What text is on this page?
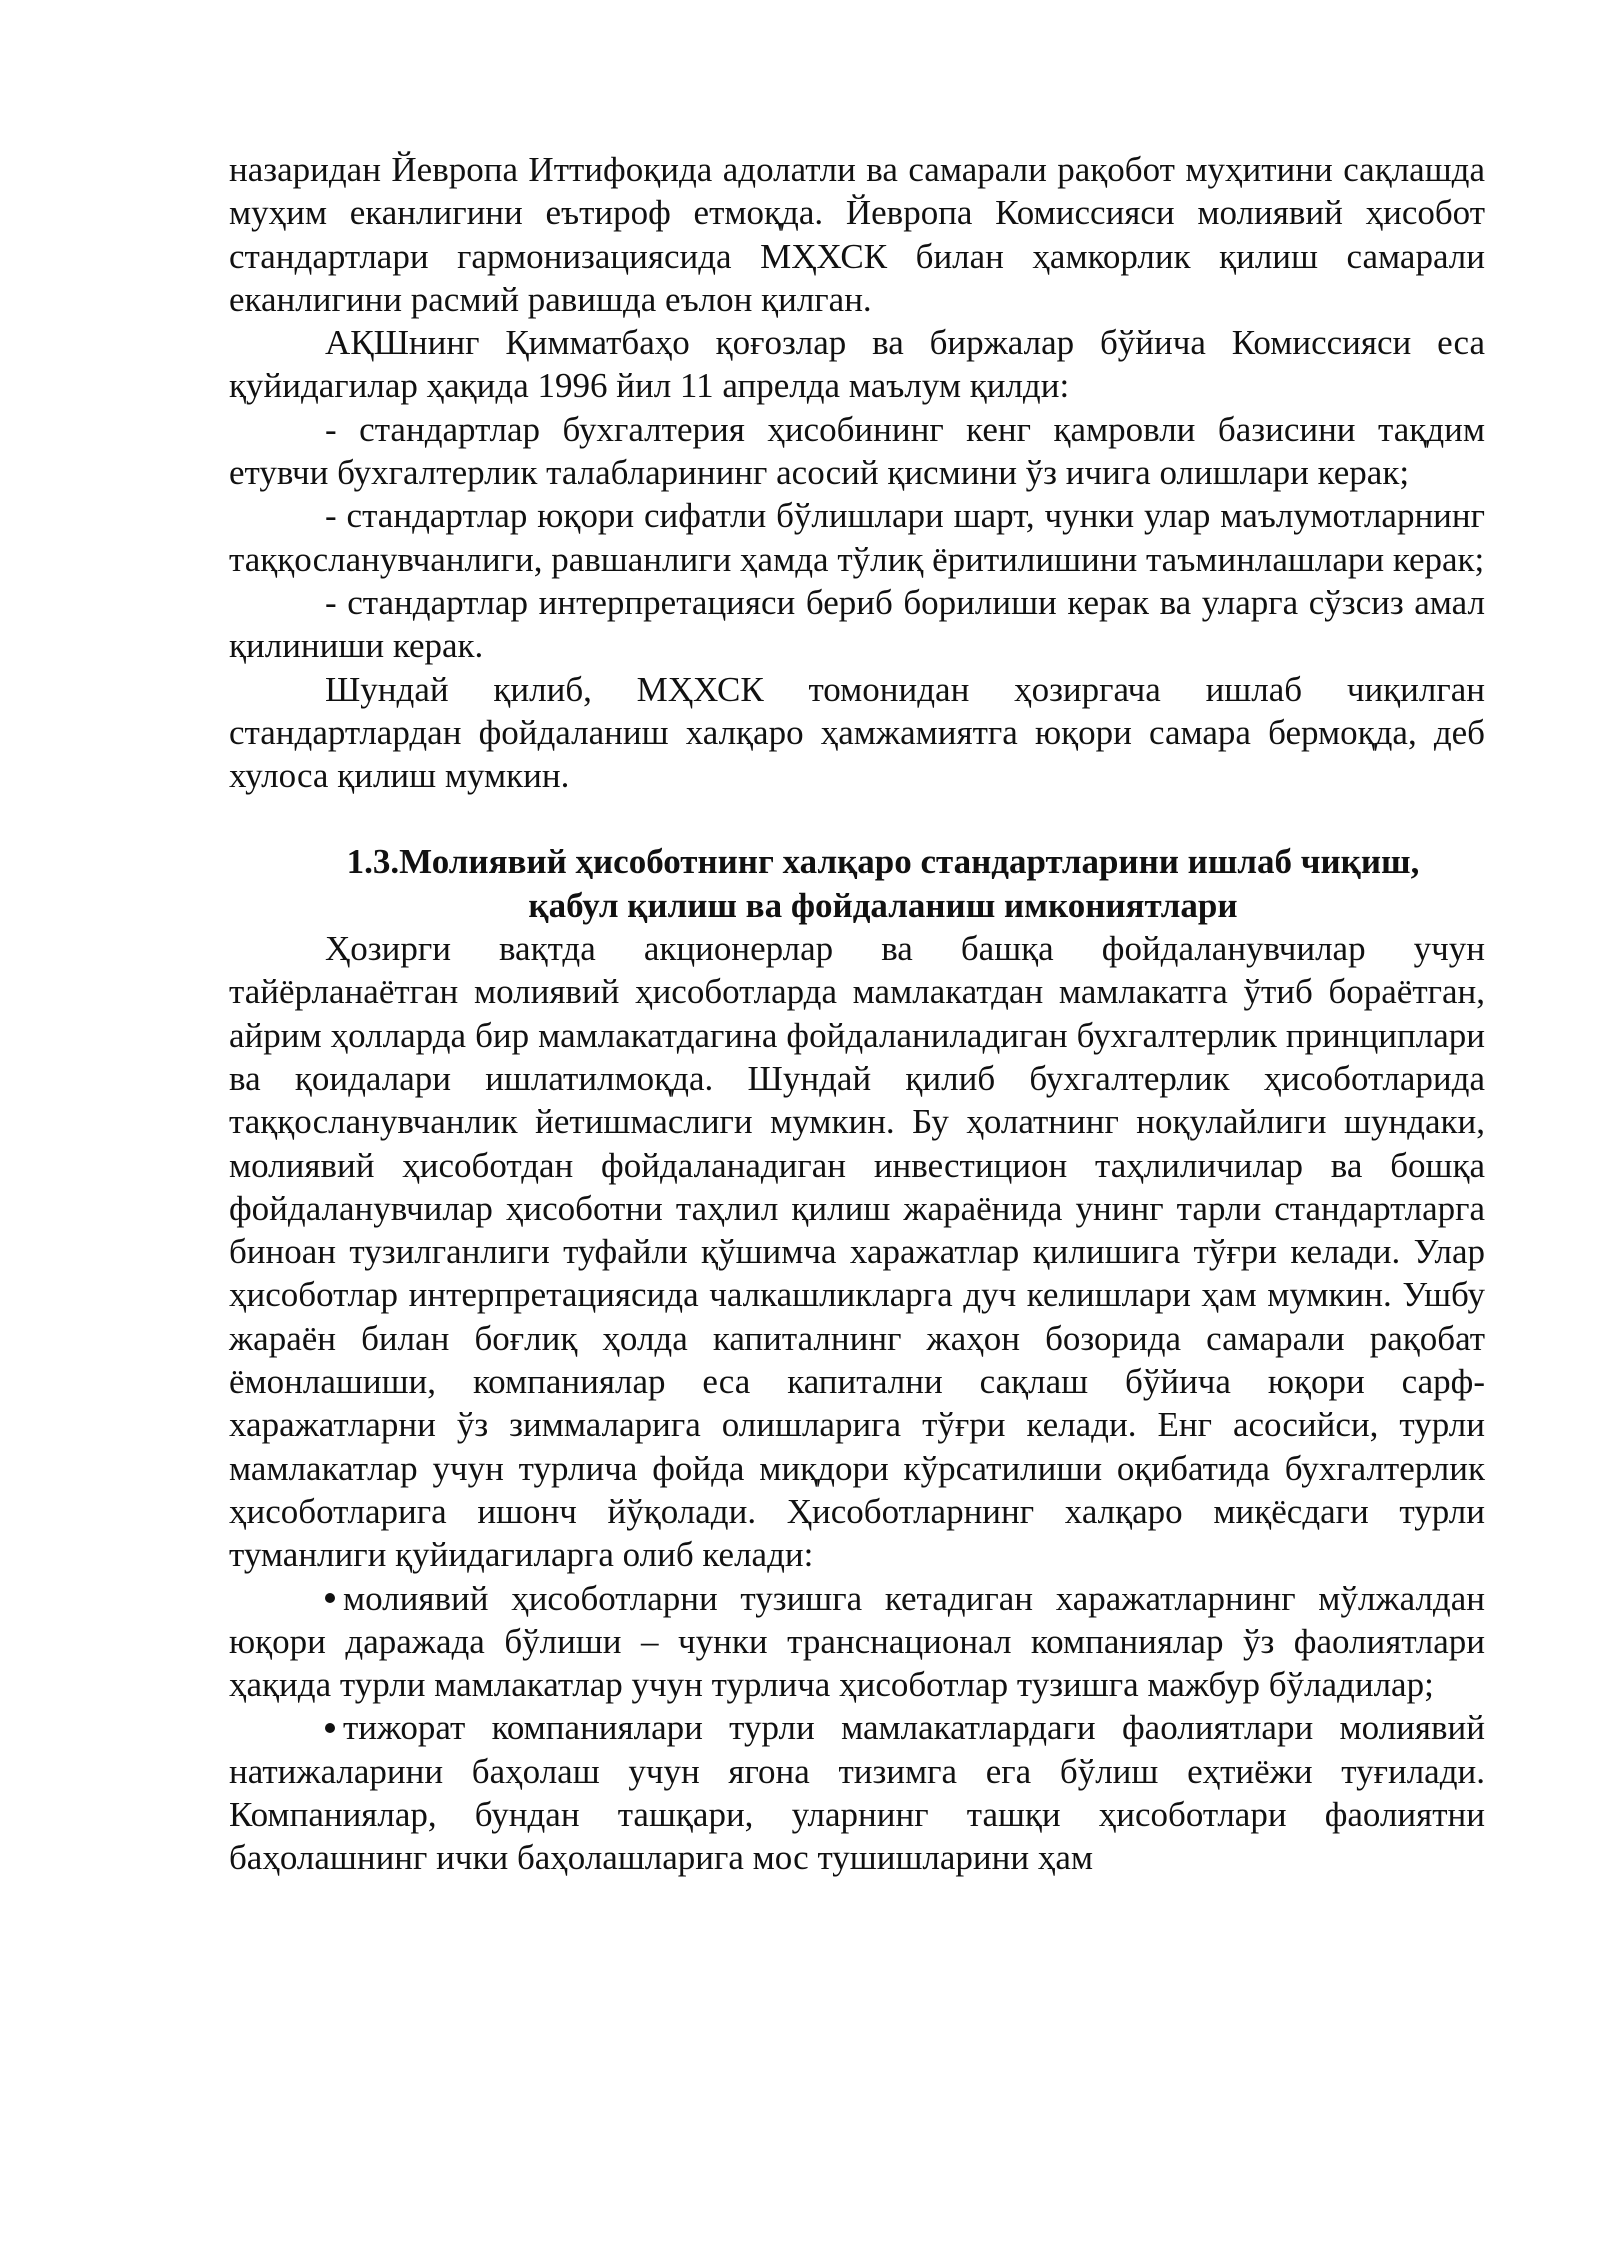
назаридан Йевропа Иттифоқида адолатли ва самарали рақобот муҳитини сақлашда муҳим еканлигини еътироф етмоқда. Йевропа Комиссияси молиявий ҳисобот стандартлари гармонизациясида МҲХСК билан ҳамкорлик қилиш самарали еканлигини расмий равишда еълон қилган.

АҚШнинг Қимматбаҳо қоғозлар ва биржалар бўйича Комиссияси еса қуйидагилар ҳақида 1996 йил 11 апрелда маълум қилди:

- стандартлар бухгалтерия ҳисобининг кенг қамровли базисини тақдим етувчи бухгалтерлик талабларининг асосий қисмини ўз ичига олишлари керак;

- стандартлар юқори сифатли бўлишлари шарт, чунки улар маълумотларнинг таққосланувчанлиги, равшанлиги ҳамда тўлиқ ёритилишини таъминлашлари керак;

- стандартлар интерпретацияси бериб борилиши керак ва уларга сўзсиз амал қилиниши керак.

Шундай қилиб, МҲХСК томонидан ҳозиргача ишлаб чиқилган стандартлардан фойдаланиш халқаро ҳамжамиятга юқори самара бермоқда, деб хулоса қилиш мумкин.

1.3.Молиявий ҳисоботнинг халқаро стандартларини ишлаб чиқиш,
қабул қилиш ва фойдаланиш имкониятлари

Ҳозирги вақтда акционерлар ва башқа фойдаланувчилар учун тайёрланаётган молиявий ҳисоботларда мамлакатдан мамлакатга ўтиб бораётган, айрим ҳолларда бир мамлакатдагина фойдаланиладиган бухгалтерлик принциплари ва қоидалари ишлатилмоқда. Шундай қилиб бухгалтерлик ҳисоботларида таққосланувчанлик йетишмаслиги мумкин. Бу ҳолатнинг ноқулайлиги шундаки, молиявий ҳисоботдан фойдаланадиган инвестицион таҳлиличилар ва бошқа фойдаланувчилар ҳисоботни таҳлил қилиш жараёнида унинг тарли стандартларга биноан тузилганлиги туфайли қўшимча харажатлар қилишига тўғри келади. Улар ҳисоботлар интерпретациясида чалкашликларга дуч келишлари ҳам мумкин. Ушбу жараён билан боғлиқ ҳолда капиталнинг жаҳон бозорида самарали рақобат ёмонлашиши, компаниялар еса капитални сақлаш бўйича юқори сарф-харажатларни ўз зиммаларига олишларига тўғри келади. Енг асосийси, турли мамлакатлар учун турлича фойда миқдори кўрсатилиши оқибатида бухгалтерлик ҳисоботларига ишонч йўқолади. Ҳисоботларнинг халқаро миқёсдаги турли туманлиги қуйидагиларга олиб келади:

молиявий ҳисоботларни тузишга кетадиган харажатларнинг мўлжалдан юқори даражада бўлиши – чунки транснационал компаниялар ўз фаолиятлари ҳақида турли мамлакатлар учун турлича ҳисоботлар тузишга мажбур бўладилар;

тижорат компаниялари турли мамлакатлардаги фаолиятлари молиявий натижаларини баҳолаш учун ягона тизимга ега бўлиш еҳтиёжи туғилади. Компаниялар, бундан ташқари, уларнинг ташқи ҳисоботлари фаолиятни баҳолашнинг ички баҳолашларига мос тушишларини ҳам
